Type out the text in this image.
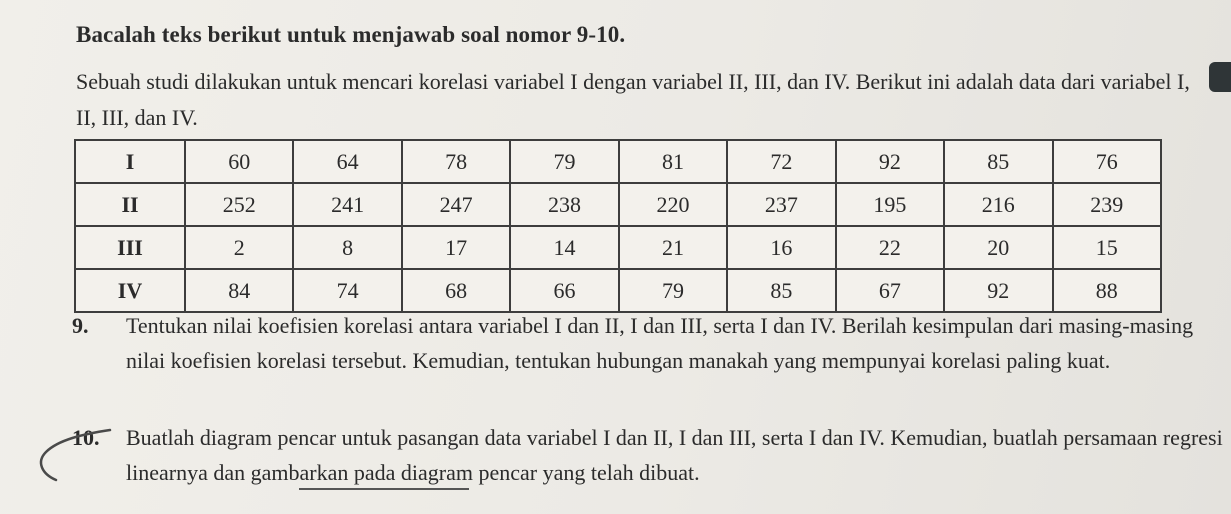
Bacalah teks berikut untuk menjawab soal nomor 9-10.
Sebuah studi dilakukan untuk mencari korelasi variabel I dengan variabel II, III, dan IV. Berikut ini adalah data dari variabel I, II, III, dan IV.
I	60	64	78	79	81	72	92	85	76
II	252	241	247	238	220	237	195	216	239
III	2	8	17	14	21	16	22	20	15
IV	84	74	68	66	79	85	67	92	88
9. Tentukan nilai koefisien korelasi antara variabel I dan II, I dan III, serta I dan IV. Berilah kesimpulan dari masing-masing nilai koefisien korelasi tersebut. Kemudian, tentukan hubungan manakah yang mempunyai korelasi paling kuat.
10. Buatlah diagram pencar untuk pasangan data variabel I dan II, I dan III, serta I dan IV. Kemudian, buatlah persamaan regresi linearnya dan gambarkan pada diagram pencar yang telah dibuat.
